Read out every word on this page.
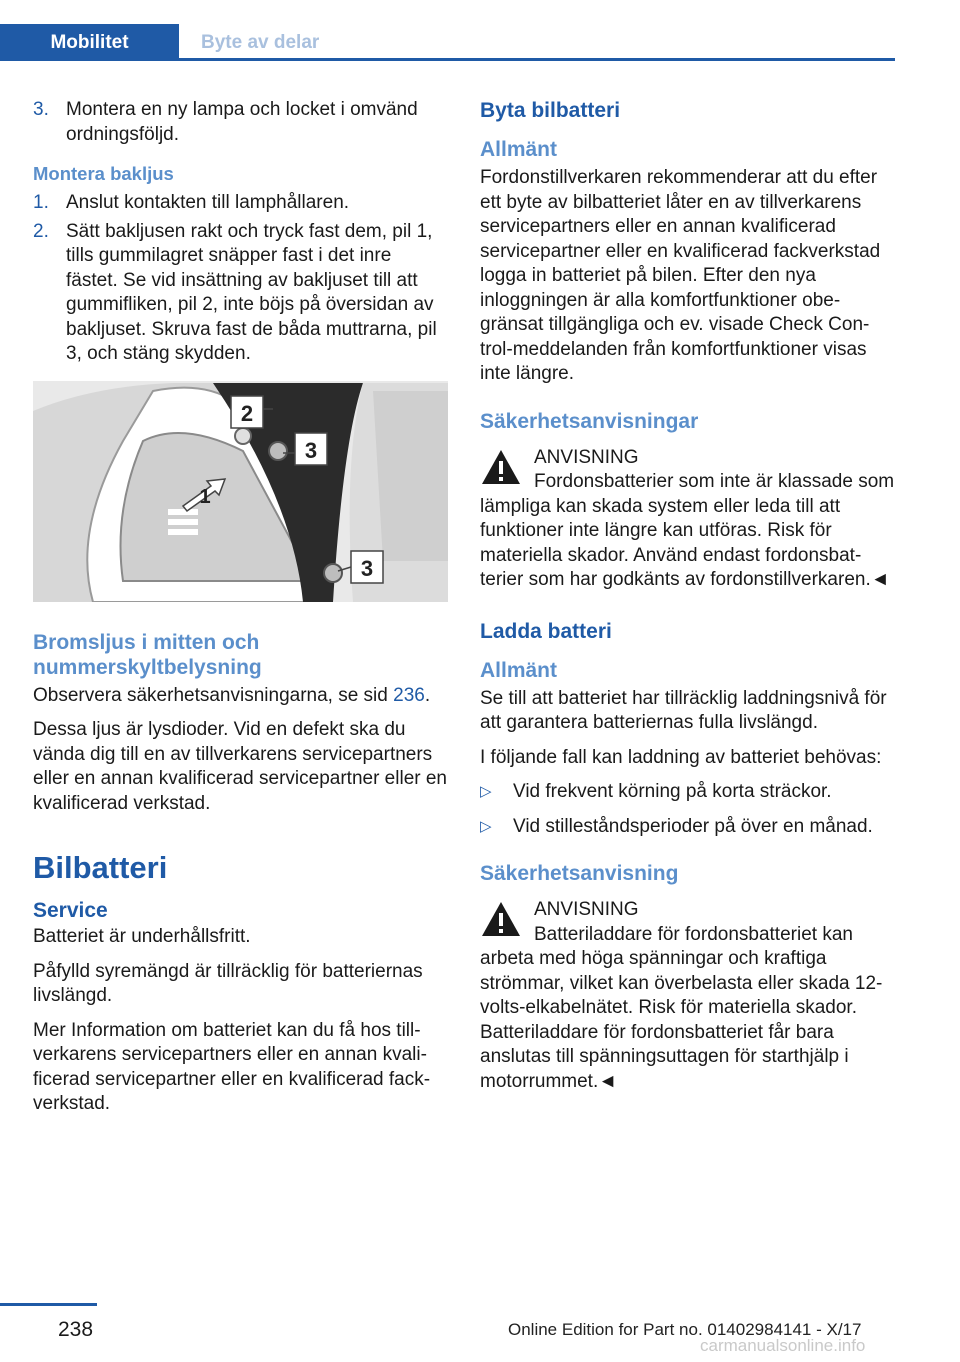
Mobilitet	Byte av delar
3. Montera en ny lampa och locket i omvänd ordningsföljd.
Montera bakljus
1. Anslut kontakten till lamphållaren.
2. Sätt bakljusen rakt och tryck fast dem, pil 1, tills gummilagret snäpper fast i det inre fästet. Se vid insättning av bakljuset till att gummifliken, pil 2, inte böjs på översidan av bakljuset. Skruva fast de båda muttrarna, pil 3, och stäng skydden.
2
3
1
3
Bromsljus i mitten och nummerskyltbelysning

Observera säkerhetsanvisningarna, se sid 236.

Dessa ljus är lysdioder. Vid en defekt ska du vända dig till en av tillverkarens servicepartners eller en annan kvalificerad servicepartner eller en kvalificerad verkstad.

Bilbatteri
Service

Batteriet är underhållsfritt.

Påfylld syremängd är tillräcklig för batteriernas livslängd.

Mer Information om batteriet kan du få hos tillverkarens servicepartners eller en annan kvalificerad servicepartner eller en kvalificerad fackverkstad.

Byta bilbatteri
Allmänt

Fordonstillverkaren rekommenderar att du efter ett byte av bilbatteriet låter en av tillverkarens servicepartners eller en annan kvalificerad servicepartner eller en kvalificerad fackverkstad logga in batteriet på bilen. Efter den nya inloggningen är alla komfortfunktioner obegränsat tillgängliga och ev. visade Check Control-meddelanden från komfortfunktioner visas inte längre.

Säkerhetsanvisningar
ANVISNING
Fordonsbatterier som inte är klassade som lämpliga kan skada system eller leda till att funktioner inte längre kan utföras. Risk för materiella skador. Använd endast fordonsbatterier som har godkänts av fordonstillverkaren.◄
Ladda batteri
Allmänt

Se till att batteriet har tillräcklig laddningsnivå för att garantera batteriernas fulla livslängd.

I följande fall kan laddning av batteriet behövas:

▷ Vid frekvent körning på korta sträckor.
▷ Vid stilleståndsperioder på över en månad.
Säkerhetsanvisning
ANVISNING
Batteriladdare för fordonsbatteriet kan arbeta med höga spänningar och kraftiga strömmar, vilket kan överbelasta eller skada 12-volts-elkabelnätet. Risk för materiella skador. Batteriladdare för fordonsbatteriet får bara anslutas till spänningsuttagen för starthjälp i motorrummet.◄
238	Online Edition for Part no. 01402984141 - X/17
carmanualsonline.info
